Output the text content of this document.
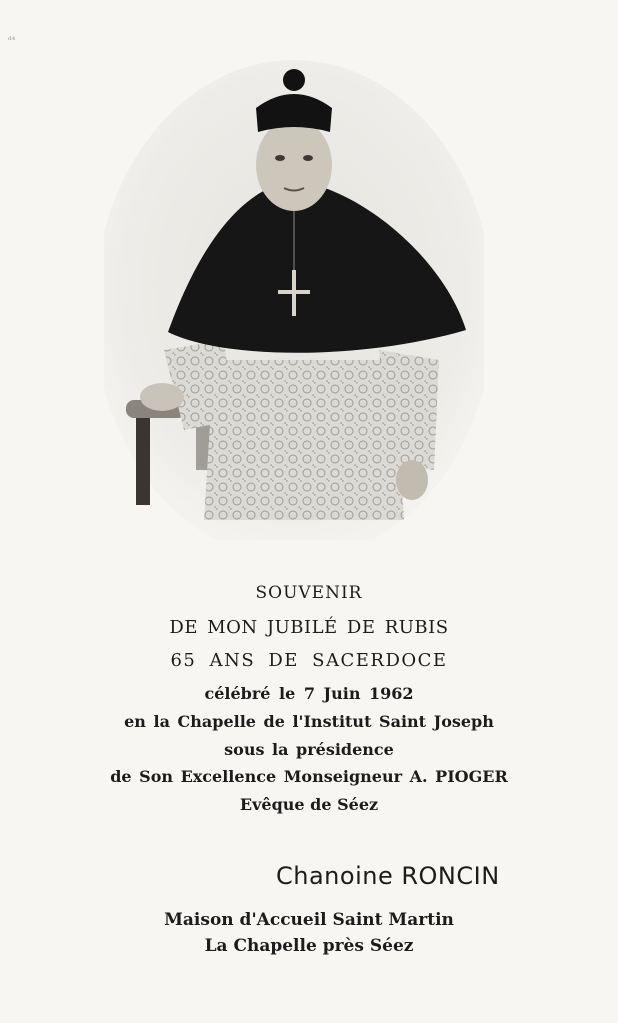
ᵈ⁴
SOUVENIR
DE MON JUBILÉ DE RUBIS
65 ANS DE SACERDOCE
célébré le 7 Juin 1962
en la Chapelle de l'Institut Saint Joseph
sous la présidence
de Son Excellence Monseigneur A. PIOGER
Evêque de Séez
Chanoine RONCIN
Maison d'Accueil Saint Martin
La Chapelle près Séez
